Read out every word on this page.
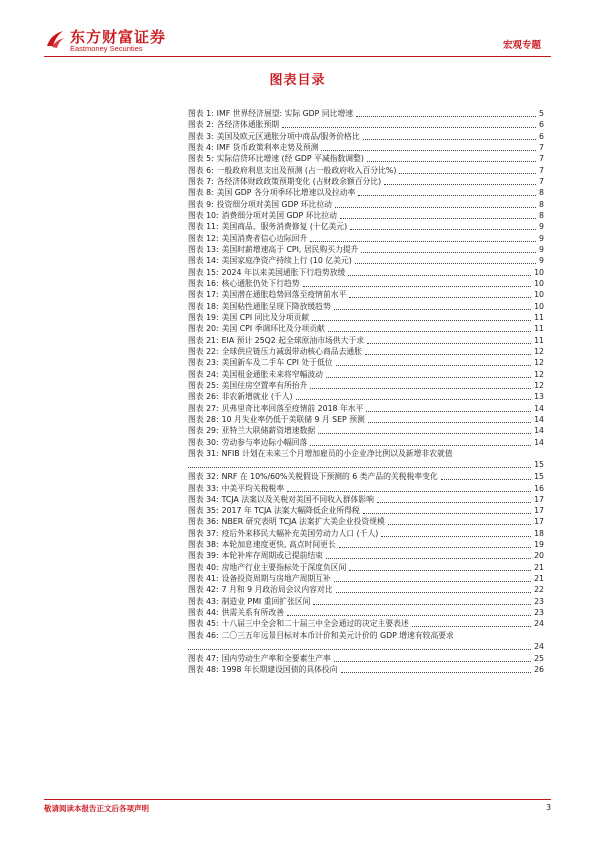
东方财富证券
Eastmoney Securities	宏观专题
图表目录
图表 1: IMF 世界经济展望: 实际 GDP 同比增速	5
图表 2: 各经济体通胀预期	6
图表 3: 美国及欧元区通胀分项中商品/服务价格比	6
图表 4: IMF 货币政策利率走势及预测	7
图表 5: 实际信贷环比增速 (经 GDP 平减指数调整)	7
图表 6: 一般政府利息支出及预测 (占一般政府收入百分比%)	7
图表 7: 各经济体财政政策预期变化 (占财政余额百分比)	7
图表 8: 美国 GDP 各分项季环比增速以及拉动率	8
图表 9: 投资细分项对美国 GDP 环比拉动	8
图表 10: 消费细分项对美国 GDP 环比拉动	8
图表 11: 美国商品、服务消费修复 (十亿美元)	9
图表 12: 美国消费者信心边际回升	9
图表 13: 美国时薪增速高于 CPI, 居民购买力提升	9
图表 14: 美国家庭净资产持续上行 (10 亿美元)	9
图表 15: 2024 年以来美国通胀下行趋势放缓	10
图表 16: 核心通胀仍处下行趋势	10
图表 17: 美国潜在通胀趋势回落至疫情前水平	10
图表 18: 美国粘性通胀呈现下降放缓趋势	10
图表 19: 美国 CPI 同比及分项贡献	11
图表 20: 美国 CPI 季调环比及分项贡献	11
图表 21: EIA 预计 25Q2 起全球原油市场供大于求	11
图表 22: 全球供应链压力减弱带动核心商品去通胀	12
图表 23: 美国新车及二手车 CPI 处于低位	12
图表 24: 美国租金通胀未来将窄幅波动	12
图表 25: 美国住房空置率有所抬升	12
图表 26: 非农新增就业 (千人)	13
图表 27: 贝弗里奇比率回落至疫情前 2018 年水平	14
图表 28: 10 月失业率仍低于美联储 9 月 SEP 预测	14
图表 29: 亚特兰大联储薪资增速数据	14
图表 30: 劳动参与率边际小幅回落	14
图表 31: NFIB 计划在未来三个月增加雇员的小企业净比例以及新增非农就值
15
图表 32: NRF 在 10%/60%关税假设下预测的 6 类产品的关税税率变化	15
图表 33: 中美平均关税税率	16
图表 34: TCJA 法案以及关税对美国不同收入群体影响	17
图表 35: 2017 年 TCJA 法案大幅降低企业所得税	17
图表 36: NBER 研究表明 TCJA 法案扩大美企业投资规模	17
图表 37: 疫后外来移民大幅补充美国劳动力人口 (千人)	18
图表 38: 本轮加息速度更快, 高点时间更长	19
图表 39: 本轮补库存周期或已提前结束	20
图表 40: 房地产行业主要指标处于深度负区间	21
图表 41: 设备投资周期与房地产周期互补	21
图表 42: 7 月和 9 月政治局会议内容对比	22
图表 43: 制造业 PMI 重回扩张区间	23
图表 44: 供需关系有所改善	23
图表 45: 十八届三中全会和二十届三中全会通过的决定主要表述	24
图表 46: 二〇三五年远景目标对本币计价和美元计价的 GDP 增速有较高要求
24
图表 47: 国内劳动生产率和全要素生产率	25
图表 48: 1998 年长期建设国债的具体投向	26
敬请阅读本报告正文后各项声明	3
